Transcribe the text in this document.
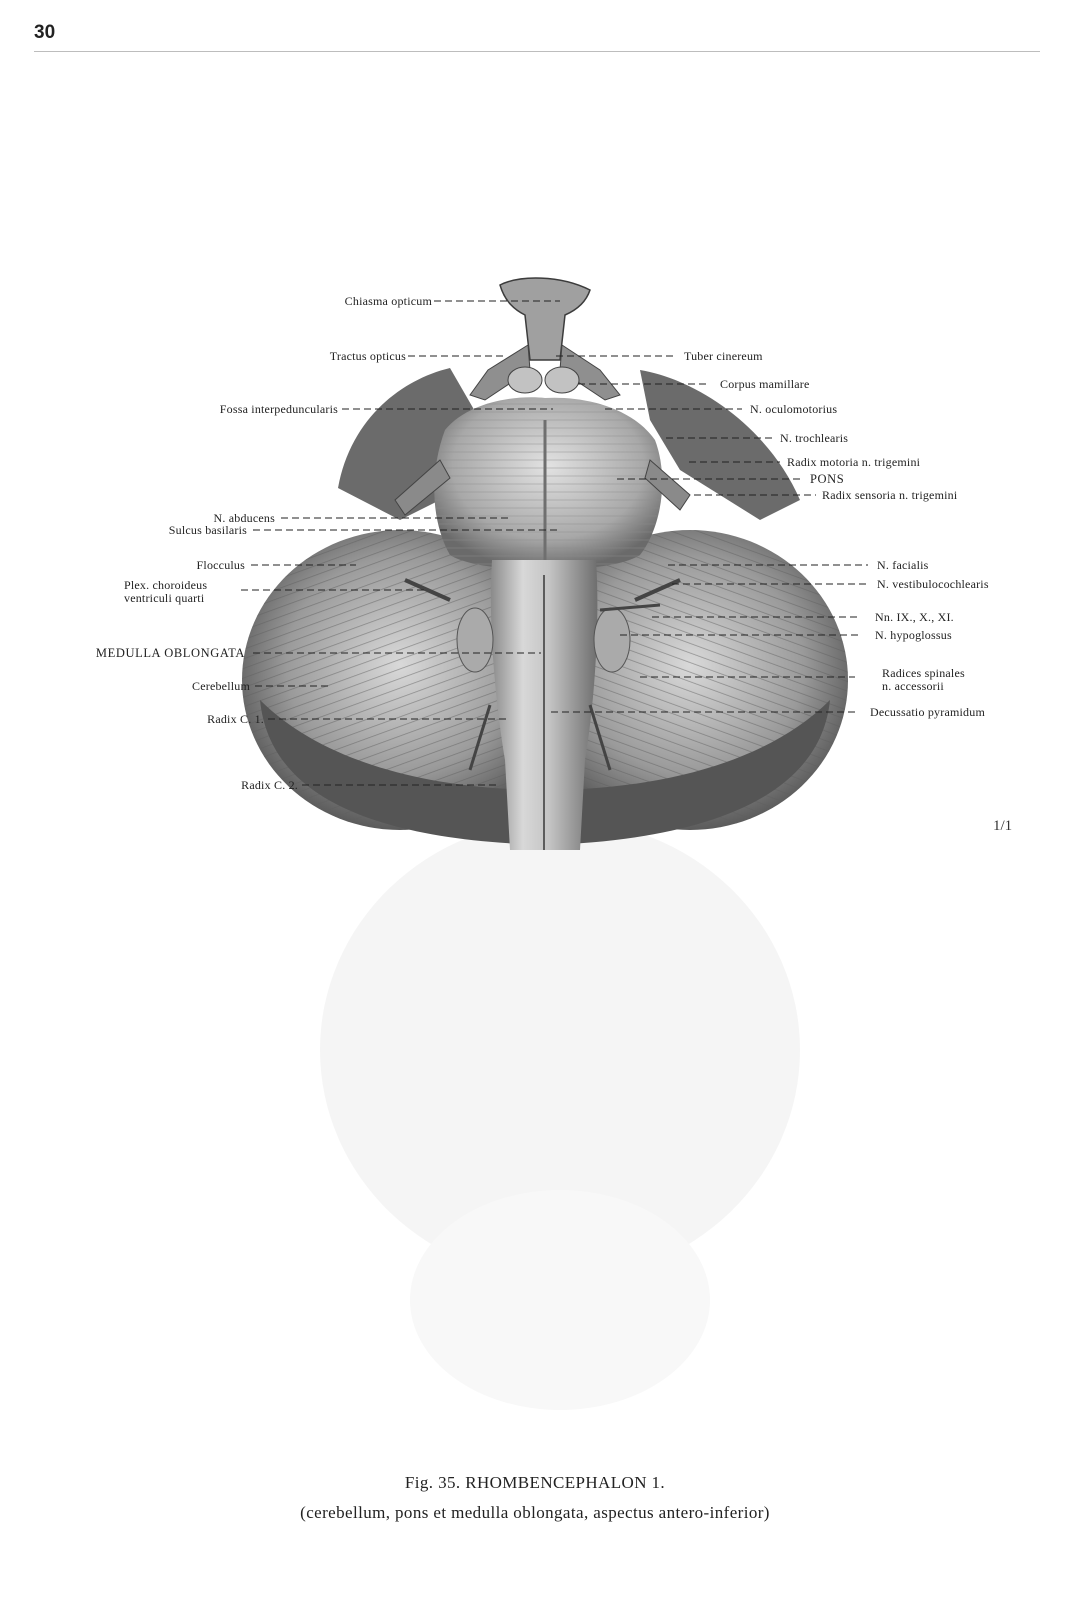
30
Chiasma opticum
Tractus opticus	Tuber cinereum
Corpus mamillare
Fossa interpeduncularis	N. oculomotorius
N. trochlearis
Radix motoria n. trigemini
PONS
Radix sensoria n. trigemini
N. abducens
Sulcus basilaris
Flocculus
Plex. choroideus
ventriculi quarti
N. facialis
N. vestibulocochlearis
Nn. IX., X., XI.
N. hypoglossus
MEDULLA OBLONGATA
Cerebellum
Radices spinales
n. accessorii
Radix C. 1.	Decussatio pyramidum
Radix C. 2.
1/1
Fig. 35. RHOMBENCEPHALON 1.
(cerebellum, pons et medulla oblongata, aspectus antero-inferior)
